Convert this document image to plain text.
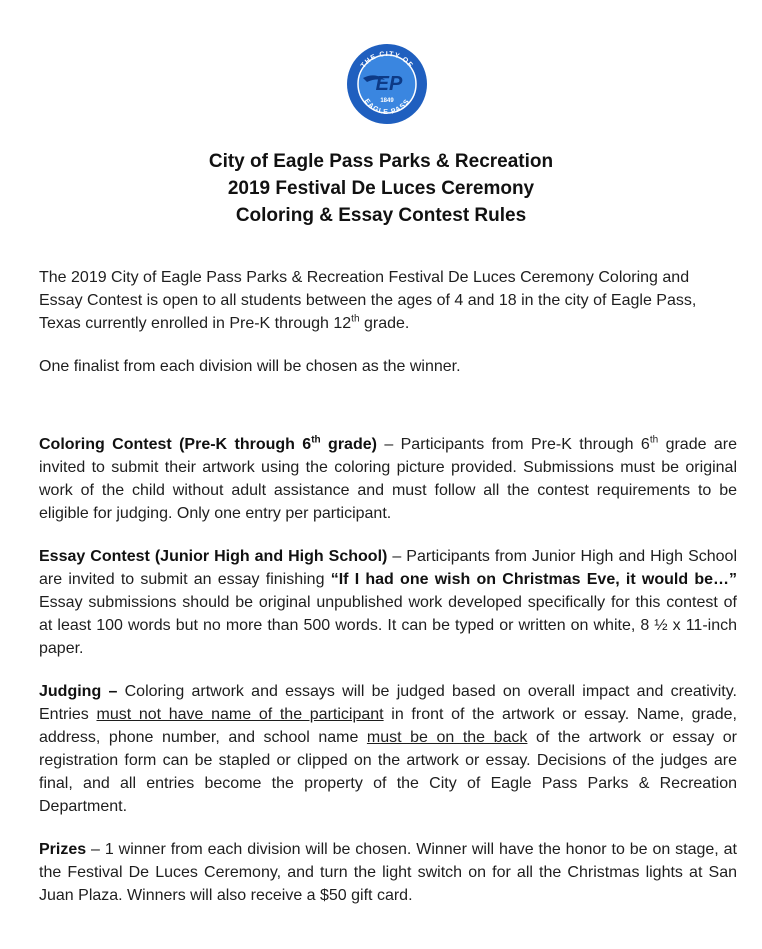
THE CITY OF
EAGLE PASS
EP
1849
City of Eagle Pass Parks & Recreation
2019 Festival De Luces Ceremony
Coloring & Essay Contest Rules

The 2019 City of Eagle Pass Parks & Recreation Festival De Luces Ceremony Coloring and Essay Contest is open to all students between the ages of 4 and 18 in the city of Eagle Pass, Texas currently enrolled in Pre-K through 12th grade.

One finalist from each division will be chosen as the winner.

Coloring Contest (Pre-K through 6th grade) – Participants from Pre-K through 6th grade are invited to submit their artwork using the coloring picture provided. Submissions must be original work of the child without adult assistance and must follow all the contest requirements to be eligible for judging. Only one entry per participant.

Essay Contest (Junior High and High School) – Participants from Junior High and High School are invited to submit an essay finishing “If I had one wish on Christmas Eve, it would be…” Essay submissions should be original unpublished work developed specifically for this contest of at least 100 words but no more than 500 words. It can be typed or written on white, 8 ½ x 11-inch paper.

Judging – Coloring artwork and essays will be judged based on overall impact and creativity. Entries must not have name of the participant in front of the artwork or essay. Name, grade, address, phone number, and school name must be on the back of the artwork or essay or registration form can be stapled or clipped on the artwork or essay. Decisions of the judges are final, and all entries become the property of the City of Eagle Pass Parks & Recreation Department.

Prizes – 1 winner from each division will be chosen. Winner will have the honor to be on stage, at the Festival De Luces Ceremony, and turn the light switch on for all the Christmas lights at San Juan Plaza. Winners will also receive a $50 gift card.
